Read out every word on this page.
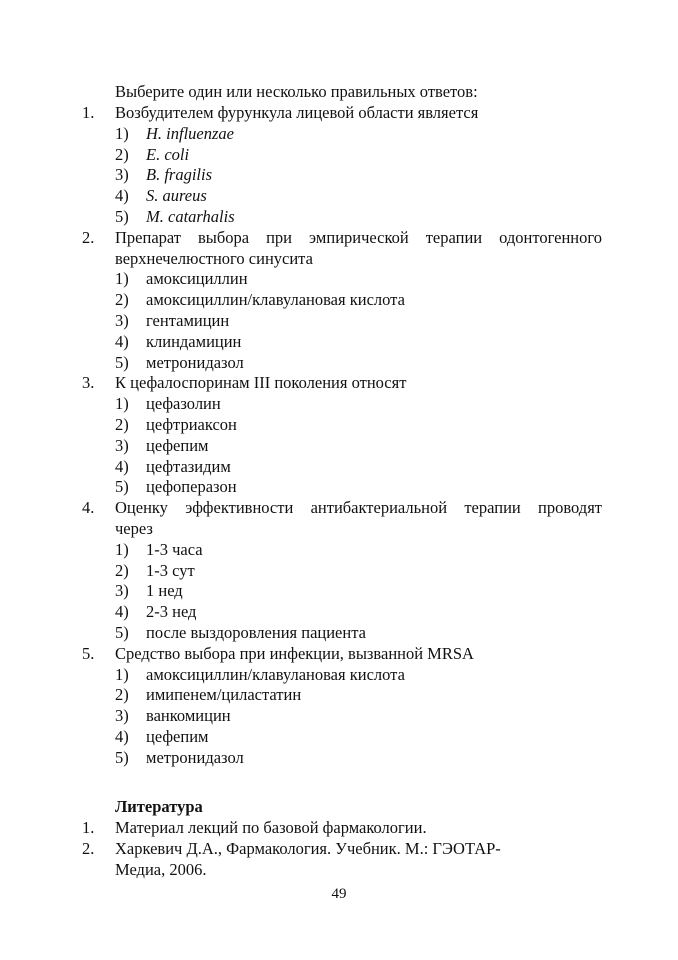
Выберите один или несколько правильных ответов:
1. Возбудителем фурункула лицевой области является
1) H. influenzae
2) E. coli
3) B. fragilis
4) S. aureus
5) M. catarhalis
2. Препарат выбора при эмпирической терапии одонтогенного
верхнечелюстного синусита
1) амоксициллин
2) амоксициллин/клавулановая кислота
3) гентамицин
4) клиндамицин
5) метронидазол
3. К цефалоспоринам III поколения относят
1) цефазолин
2) цефтриаксон
3) цефепим
4) цефтазидим
5) цефоперазон
4. Оценку эффективности антибактериальной терапии проводят
через
1) 1-3 часа
2) 1-3 сут
3) 1 нед
4) 2-3 нед
5) после выздоровления пациента
5. Средство выбора при инфекции, вызванной MRSA
1) амоксициллин/клавулановая кислота
2) имипенем/циластатин
3) ванкомицин
4) цефепим
5) метронидазол
Литература
1. Материал лекций по базовой фармакологии.
2. Харкевич Д.А., Фармакология. Учебник. М.: ГЭОТАР-
Медиа, 2006.
49
